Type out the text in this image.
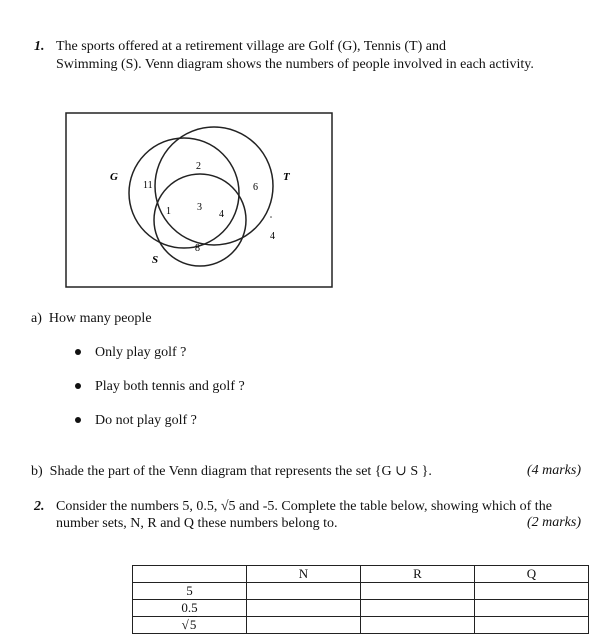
1. The sports offered at a retirement village are Golf (G), Tennis (T) and
Swimming (S). Venn diagram shows the numbers of people involved in each activity.
G	T
S
11
2
6
1	3
4
8
4
a) How many people
Only play golf ?
Play both tennis and golf ?
Do not play golf ?
b) Shade the part of the Venn diagram that represents the set {G ∪ S }.	(4 marks)
2. Consider the numbers 5, 0.5, √5 and -5. Complete the table below, showing which of the
number sets, N, R and Q these numbers belong to.	(2 marks)
	N	R	Q
5			
0.5			
√5			
